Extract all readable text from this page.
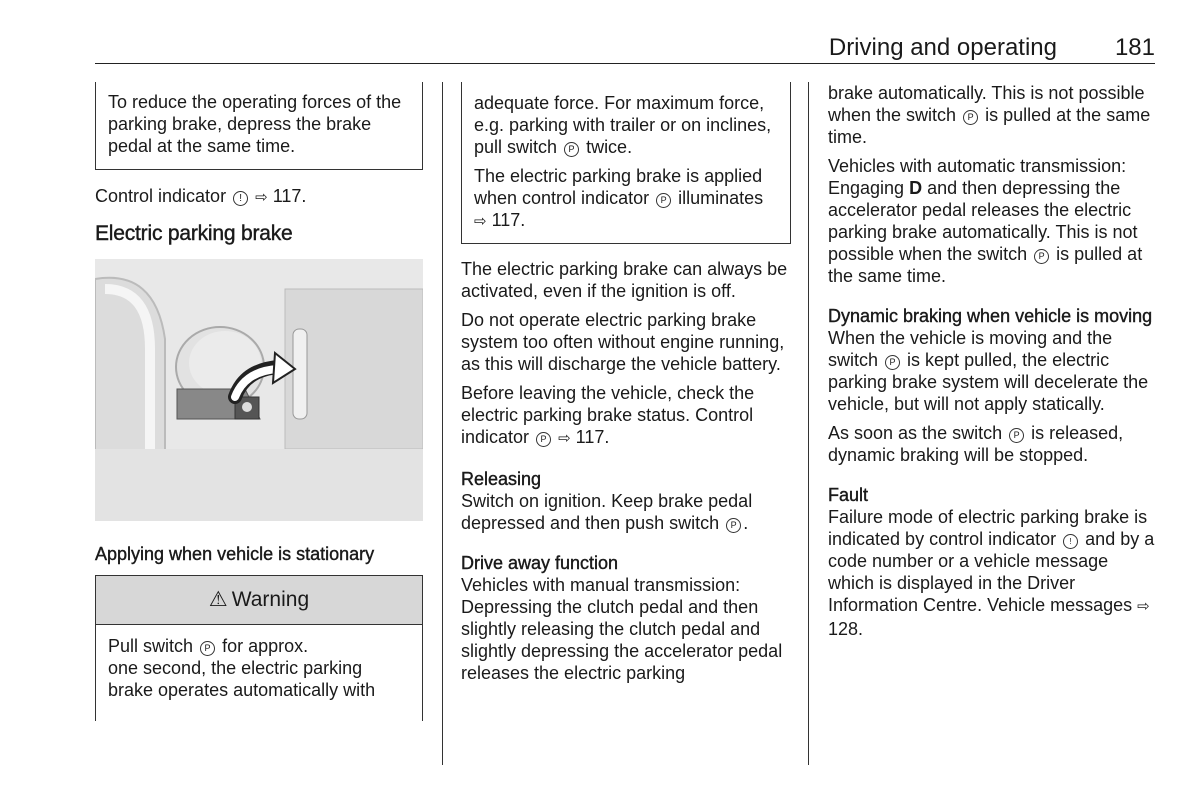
Driving and operating 181
To reduce the operating forces of the parking brake, depress the brake pedal at the same time.

Control indicator ! ⇨ 117.

Electric parking brake
Applying when vehicle is stationary
⚠ Warning
Pull switch P for approx.
one second, the electric parking
brake operates automatically with

adequate force. For maximum force, e.g. parking with trailer or on inclines, pull switch P twice.

The electric parking brake is applied when control indicator P illuminates ⇨ 117.

The electric parking brake can always be activated, even if the ignition is off.

Do not operate electric parking brake system too often without engine running, as this will discharge the vehicle battery.

Before leaving the vehicle, check the electric parking brake status. Control indicator P ⇨ 117.

Releasing

Switch on ignition. Keep brake pedal depressed and then push switch P .

Drive away function

Vehicles with manual transmission: Depressing the clutch pedal and then slightly releasing the clutch pedal and slightly depressing the accelerator pedal releases the electric parking

brake automatically. This is not possible when the switch P is pulled at the same time.

Vehicles with automatic transmission: Engaging D and then depressing the accelerator pedal releases the electric parking brake automatically. This is not possible when the switch P is pulled at the same time.

Dynamic braking when vehicle is moving

When the vehicle is moving and the switch P is kept pulled, the electric parking brake system will decelerate the vehicle, but will not apply statically.

As soon as the switch P is released, dynamic braking will be stopped.

Fault

Failure mode of electric parking brake is indicated by control indicator ! and by a code number or a vehicle message which is displayed in the Driver Information Centre. Vehicle messages ⇨ 128.
